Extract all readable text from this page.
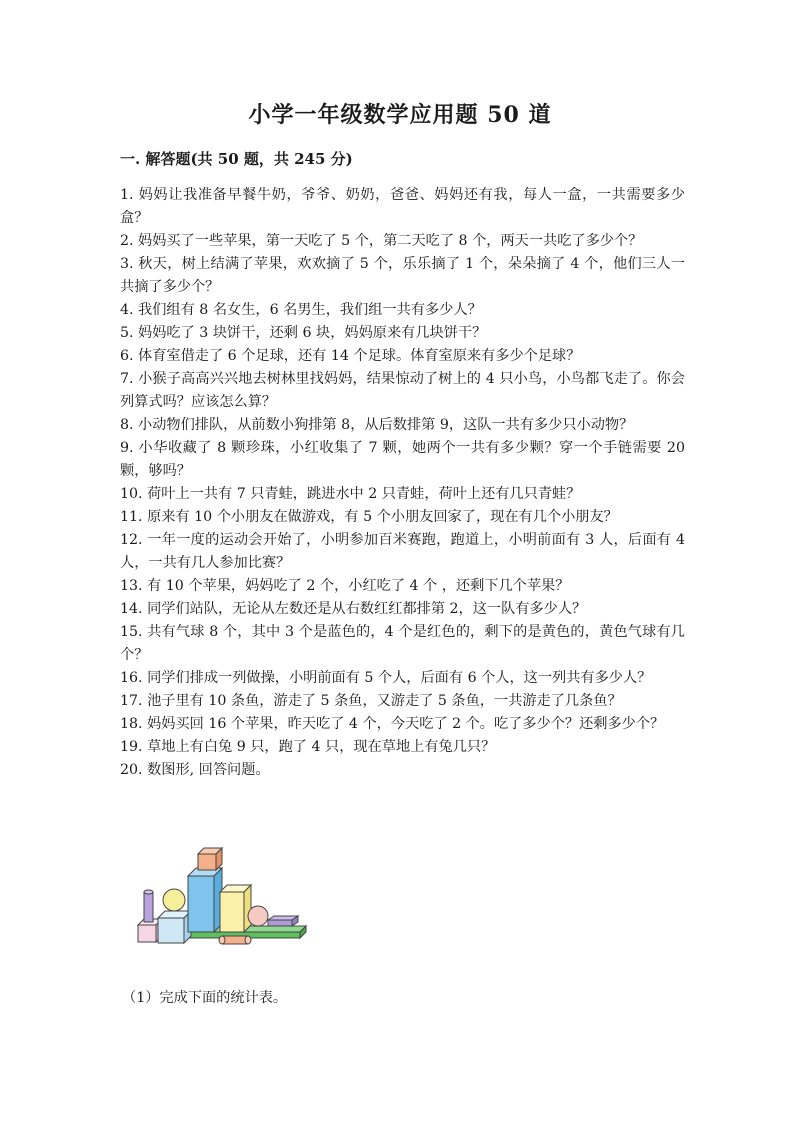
小学一年级数学应用题 50 道
一. 解答题(共 50 题，共 245 分)
1. 妈妈让我准备早餐牛奶，爷爷、奶奶，爸爸、妈妈还有我，每人一盒，一共需要多少盒？
2. 妈妈买了一些苹果，第一天吃了 5 个，第二天吃了 8 个，两天一共吃了多少个？
3. 秋天，树上结满了苹果，欢欢摘了 5 个，乐乐摘了 1 个，朵朵摘了 4 个，他们三人一共摘了多少个？
4. 我们组有 8 名女生，6 名男生，我们组一共有多少人？
5. 妈妈吃了 3 块饼干，还剩 6 块，妈妈原来有几块饼干？
6. 体育室借走了 6 个足球，还有 14 个足球。体育室原来有多少个足球？
7. 小猴子高高兴兴地去树林里找妈妈，结果惊动了树上的 4 只小鸟，小鸟都飞走了。你会列算式吗？应该怎么算？
8. 小动物们排队，从前数小狗排第 8，从后数排第 9，这队一共有多少只小动物？
9. 小华收藏了 8 颗珍珠，小红收集了 7 颗，她两个一共有多少颗？穿一个手链需要 20 颗，够吗？
10. 荷叶上一共有 7 只青蛙，跳进水中 2 只青蛙，荷叶上还有几只青蛙？
11. 原来有 10 个小朋友在做游戏，有 5 个小朋友回家了，现在有几个小朋友？
12. 一年一度的运动会开始了，小明参加百米赛跑，跑道上，小明前面有 3 人，后面有 4 人，一共有几人参加比赛？
13. 有 10 个苹果，妈妈吃了 2 个，小红吃了 4 个 ，还剩下几个苹果？
14. 同学们站队，无论从左数还是从右数红红都排第 2，这一队有多少人？
15. 共有气球 8 个，其中 3 个是蓝色的，4 个是红色的，剩下的是黄色的，黄色气球有几个？
16. 同学们排成一列做操，小明前面有 5 个人，后面有 6 个人，这一列共有多少人？
17. 池子里有 10 条鱼，游走了 5 条鱼，又游走了 5 条鱼，一共游走了几条鱼？
18. 妈妈买回 16 个苹果，昨天吃了 4 个，今天吃了 2 个。吃了多少个？还剩多少个？
19. 草地上有白兔 9 只，跑了 4 只，现在草地上有兔几只？
20. 数图形, 回答问题。
（1）完成下面的统计表。
